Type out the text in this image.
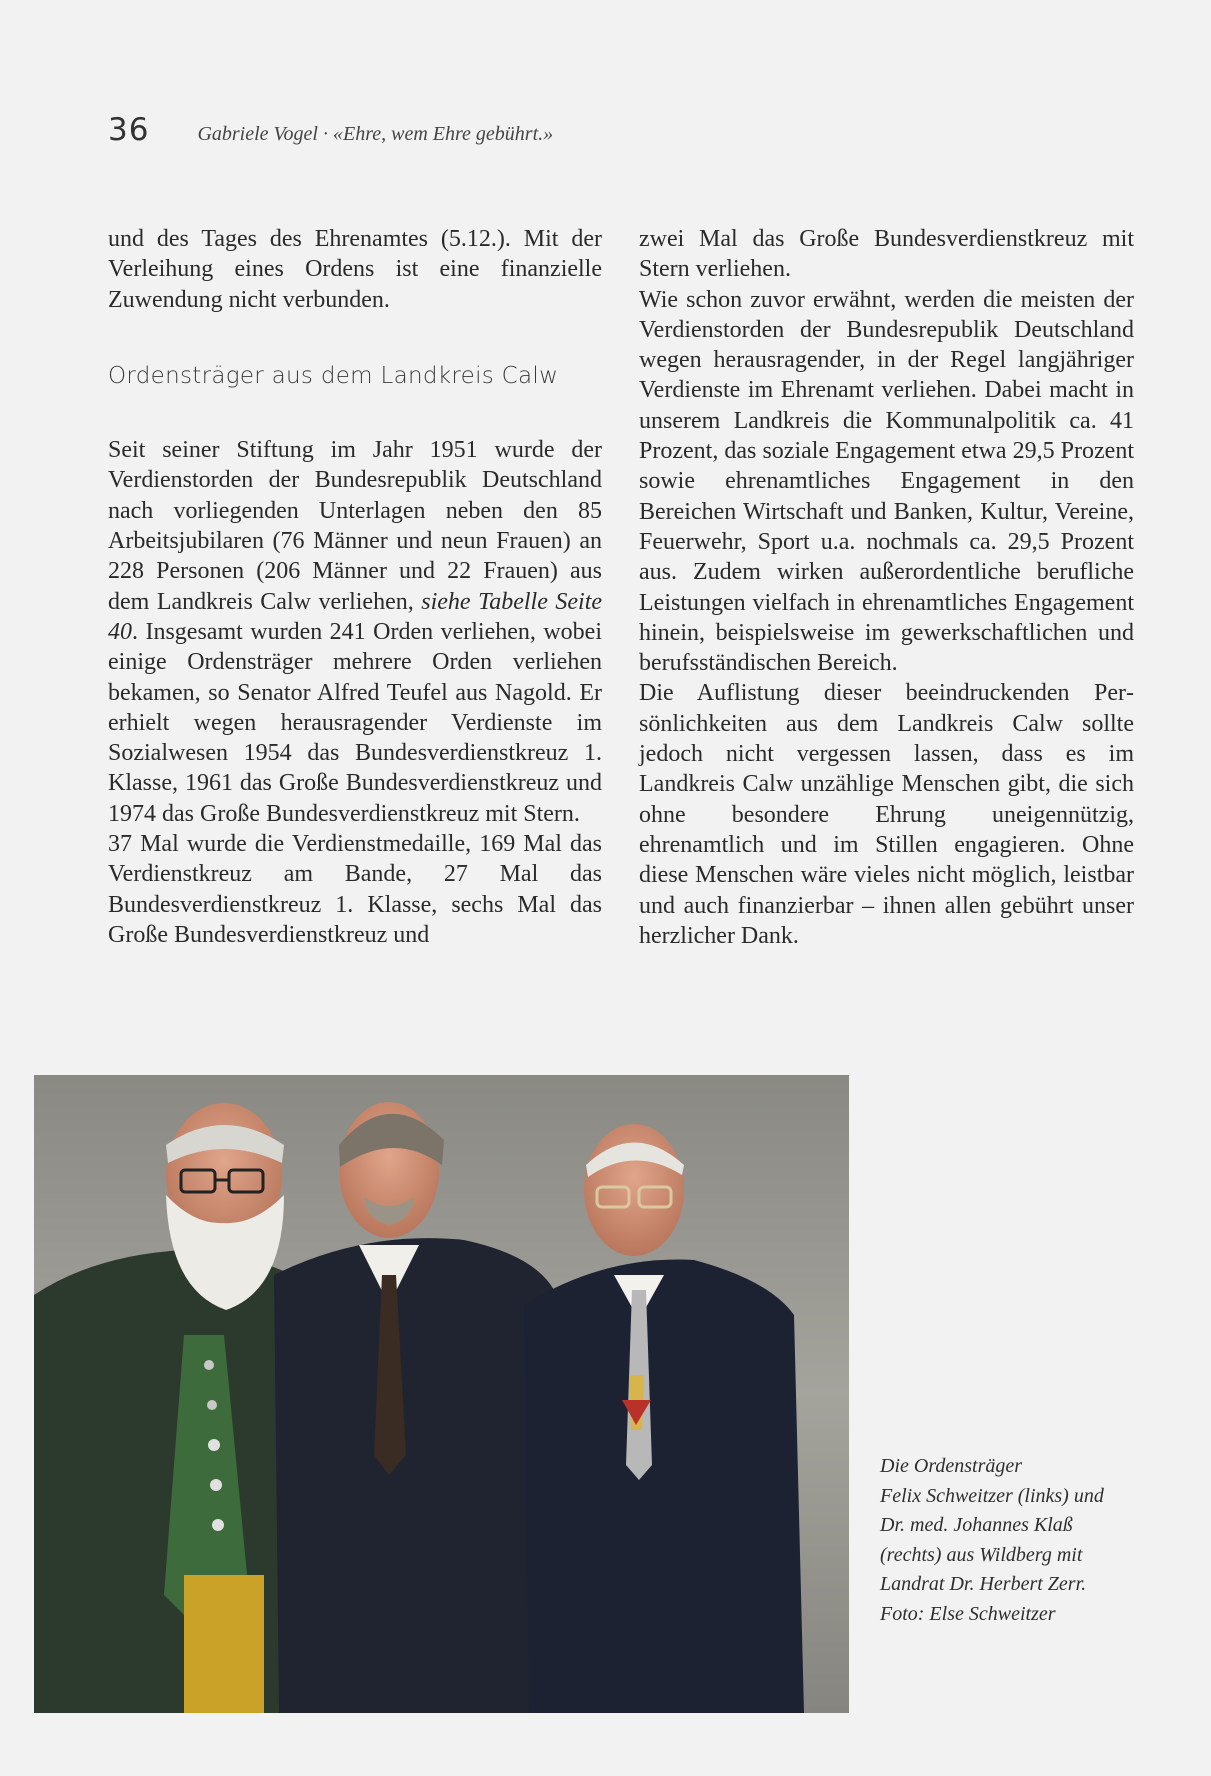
36 Gabriele Vogel · «Ehre, wem Ehre gebührt.»

und des Tages des Ehrenamtes (5.12.). Mit der Verleihung eines Ordens ist eine finanzielle Zuwendung nicht verbunden.

Ordensträger aus dem Landkreis Calw

Seit seiner Stiftung im Jahr 1951 wurde der Verdienstorden der Bundesrepublik Deutschland nach vorliegenden Unterlagen neben den 85 Arbeitsjubilaren (76 Männer und neun Frauen) an 228 Personen (206 Männer und 22 Frauen) aus dem Landkreis Calw verliehen, siehe Tabelle Seite 40. Insgesamt wurden 241 Orden verliehen, wobei einige Ordensträger mehrere Orden verliehen bekamen, so Senator Alfred Teufel aus Nagold. Er erhielt wegen herausragender Verdienste im Sozialwesen 1954 das Bundesverdienstkreuz 1. Klasse, 1961 das Große Bundesverdienstkreuz und 1974 das Große Bundesverdienstkreuz mit Stern.

37 Mal wurde die Verdienstmedaille, 169 Mal das Verdienstkreuz am Bande, 27 Mal das Bundesverdienstkreuz 1. Klasse, sechs Mal das Große Bundesverdienstkreuz und

zwei Mal das Große Bundesverdienstkreuz mit Stern verliehen.

Wie schon zuvor erwähnt, werden die meisten der Verdienstorden der Bundesrepublik Deutschland wegen herausragender, in der Regel langjähriger Verdienste im Ehrenamt verliehen. Dabei macht in unserem Landkreis die Kommunalpolitik ca. 41 Prozent, das soziale Engagement etwa 29,5 Prozent sowie ehrenamtliches Engagement in den Bereichen Wirtschaft und Banken, Kultur, Vereine, Feuerwehr, Sport u.a. nochmals ca. 29,5 Prozent aus. Zudem wirken außerordentliche berufliche Leistungen vielfach in ehrenamtliches Engagement hinein, beispielsweise im gewerkschaftlichen und berufsständischen Bereich.

Die Auflistung dieser beeindruckenden Persönlichkeiten aus dem Landkreis Calw sollte jedoch nicht vergessen lassen, dass es im Landkreis Calw unzählige Menschen gibt, die sich ohne besondere Ehrung uneigennützig, ehrenamtlich und im Stillen engagieren. Ohne diese Menschen wäre vieles nicht möglich, leistbar und auch finanzierbar – ihnen allen gebührt unser herzlicher Dank.

Die Ordensträger
Felix Schweitzer (links) und
Dr. med. Johannes Klaß
(rechts) aus Wildberg mit
Landrat Dr. Herbert Zerr.
Foto: Else Schweitzer
